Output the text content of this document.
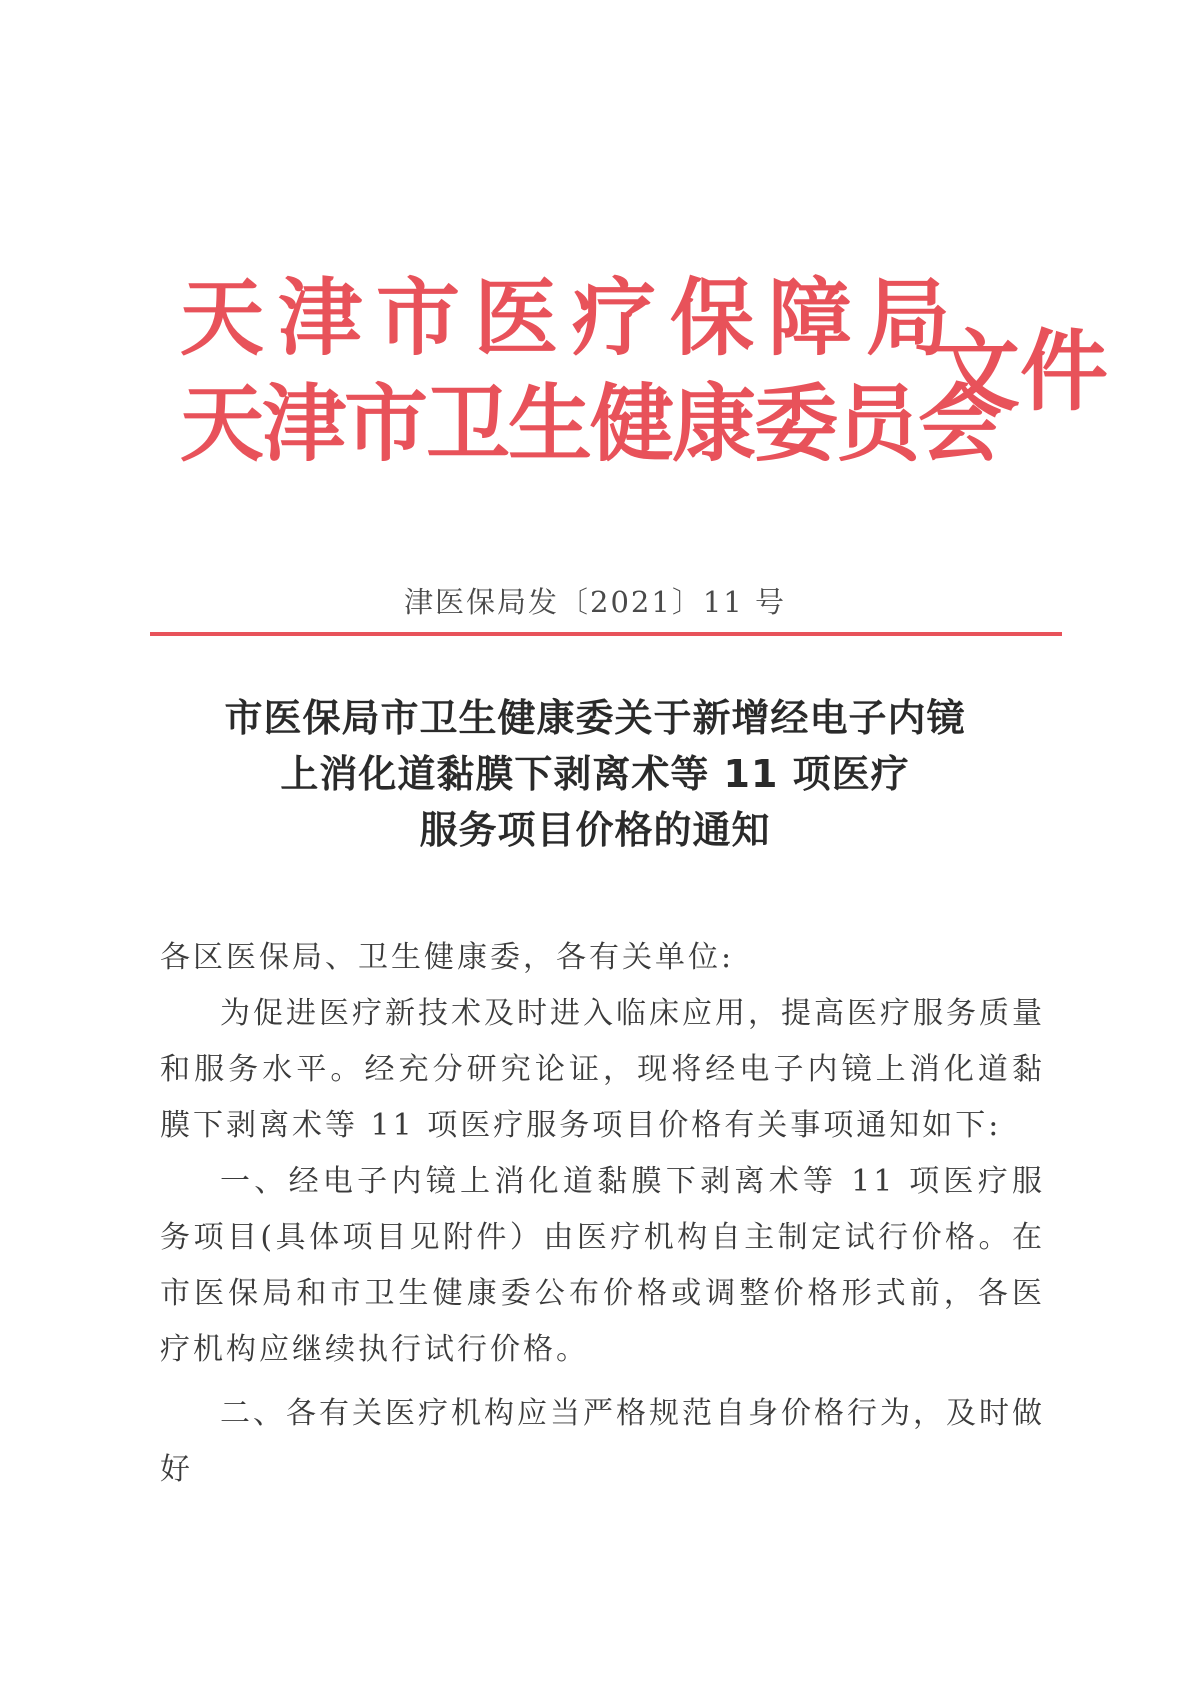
天津市医疗保障局
天津市卫生健康委员会
文件
津医保局发〔2021〕11 号
市医保局市卫生健康委关于新增经电子内镜
上消化道黏膜下剥离术等 11 项医疗
服务项目价格的通知

各区医保局、卫生健康委，各有关单位:

为促进医疗新技术及时进入临床应用，提高医疗服务质量和服务水平。经充分研究论证，现将经电子内镜上消化道黏膜下剥离术等 11 项医疗服务项目价格有关事项通知如下:

一、经电子内镜上消化道黏膜下剥离术等 11 项医疗服务项目(具体项目见附件）由医疗机构自主制定试行价格。在市医保局和市卫生健康委公布价格或调整价格形式前，各医疗机构应继续执行试行价格。

二、各有关医疗机构应当严格规范自身价格行为，及时做好
